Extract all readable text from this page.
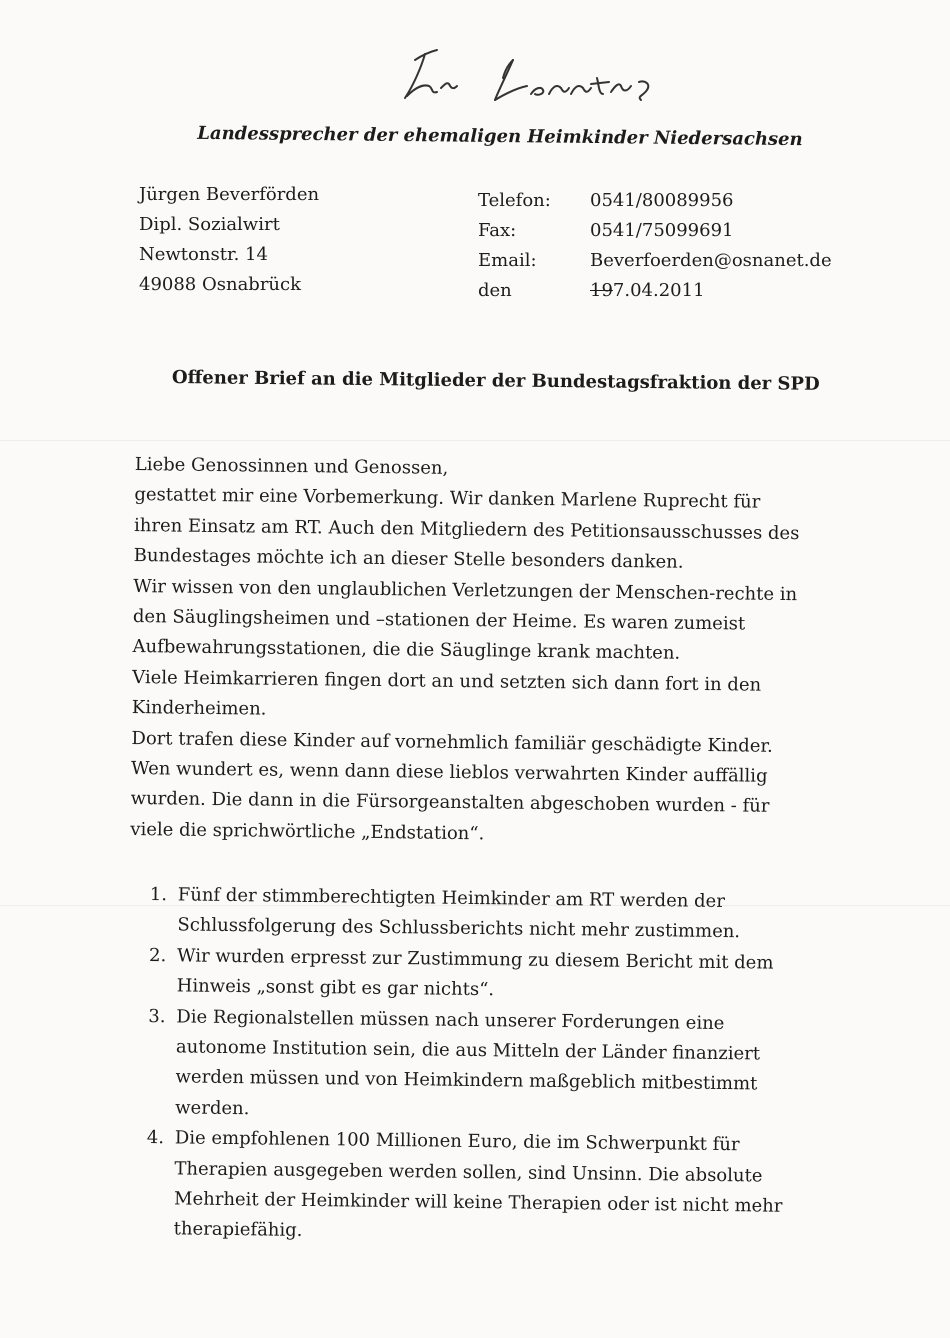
Landessprecher der ehemaligen Heimkinder Niedersachsen
Jürgen Beverförden
Dipl. Sozialwirt
Newtonstr. 14
49088 Osnabrück
Telefon:	0541/80089956
Fax:	0541/75099691
Email:	Beverfoerden@osnanet.de
den	197.04.2011
Offener Brief an die Mitglieder der Bundestagsfraktion der SPD
Liebe Genossinnen und Genossen,
gestattet mir eine Vorbemerkung. Wir danken Marlene Ruprecht für
ihren Einsatz am RT. Auch den Mitgliedern des Petitionsausschusses des
Bundestages möchte ich an dieser Stelle besonders danken.
Wir wissen von den unglaublichen Verletzungen der Menschen-rechte in
den Säuglingsheimen und –stationen der Heime. Es waren zumeist
Aufbewahrungsstationen, die die Säuglinge krank machten.
Viele Heimkarrieren fingen dort an und setzten sich dann fort in den
Kinderheimen.
Dort trafen diese Kinder auf vornehmlich familiär geschädigte Kinder.
Wen wundert es, wenn dann diese lieblos verwahrten Kinder auffällig
wurden. Die dann in die Fürsorgeanstalten abgeschoben wurden - für
viele die sprichwörtliche „Endstation“.
1. Fünf der stimmberechtigten Heimkinder am RT werden der
Schlussfolgerung des Schlussberichts nicht mehr zustimmen.
2. Wir wurden erpresst zur Zustimmung zu diesem Bericht mit dem
Hinweis „sonst gibt es gar nichts“.
3. Die Regionalstellen müssen nach unserer Forderungen eine
autonome Institution sein, die aus Mitteln der Länder finanziert
werden müssen und von Heimkindern maßgeblich mitbestimmt
werden.
4. Die empfohlenen 100 Millionen Euro, die im Schwerpunkt für
Therapien ausgegeben werden sollen, sind Unsinn. Die absolute
Mehrheit der Heimkinder will keine Therapien oder ist nicht mehr
therapiefähig.
